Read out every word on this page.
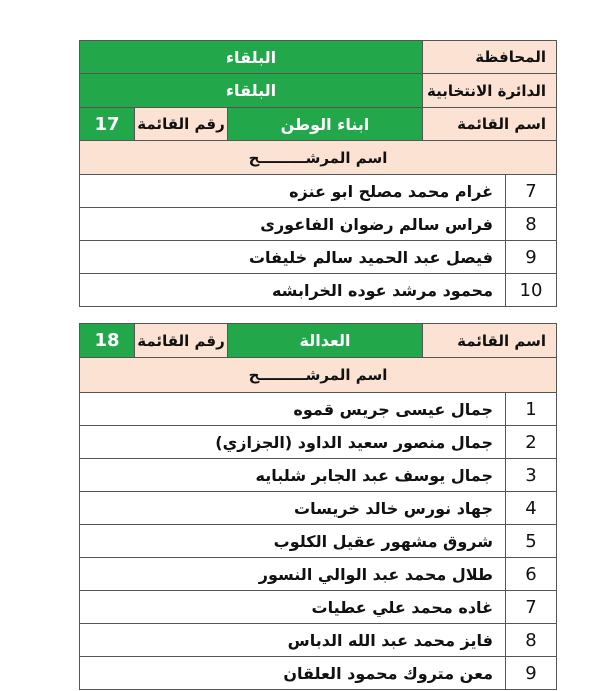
البلقاء	المحافظة
البلقاء	الدائرة الانتخابية
17	رقم القائمة	ابناء الوطن	اسم القائمة
اسم المرشـــــــــح
غرام محمد مصلح ابو عنزه	7
فراس سالم رضوان الفاعورى	8
فيصل عبد الحميد سالم خليفات	9
محمود مرشد عوده الخرابشه	10
18	رقم القائمة	العدالة	اسم القائمة
اسم المرشـــــــــح
جمال عيسى جريس قموه	1
جمال منصور سعيد الداود (الجزازي)	2
جمال يوسف عبد الجابر شلبايه	3
جهاد نورس خالد خريسات	4
شروق مشهور عقيل الكلوب	5
طلال محمد عبد الوالي النسور	6
غاده محمد علي عطيات	7
فايز محمد عبد الله الدباس	8
معن متروك محمود العلقان	9
